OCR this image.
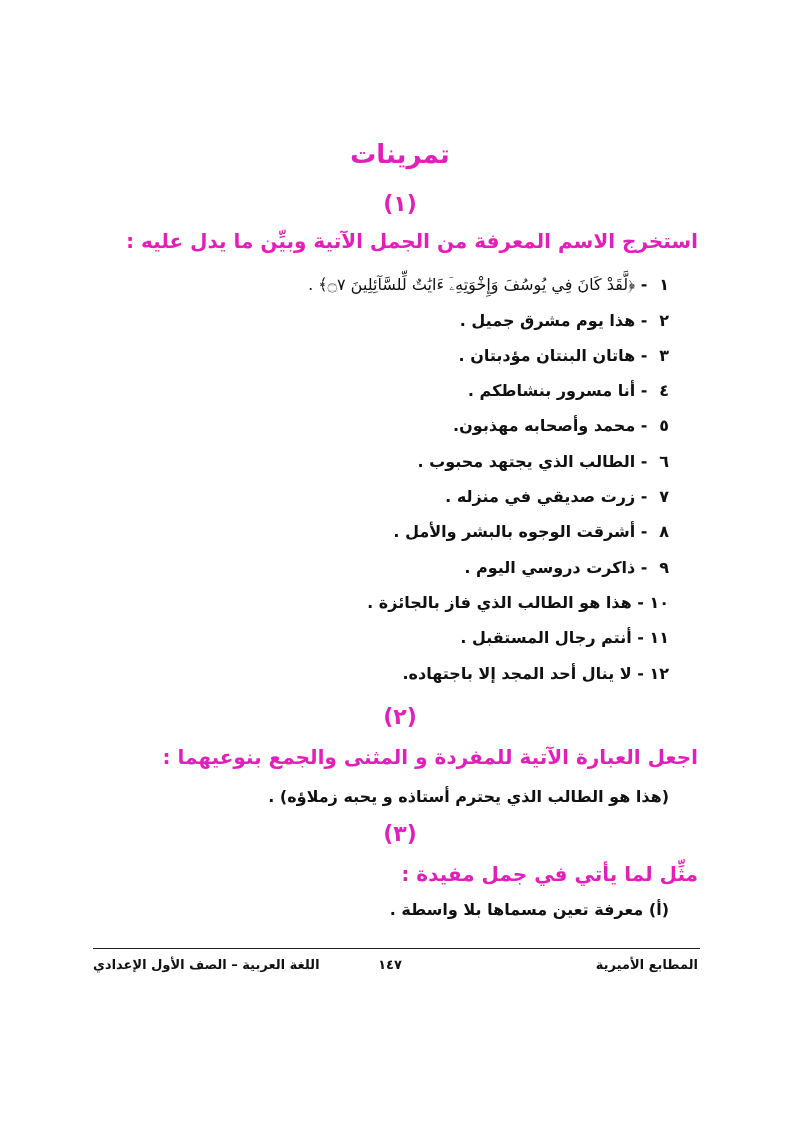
تمرينات
(١)
استخرج الاسم المعرفة من الجمل الآتية وبيِّن ما يدل عليه :
١ - ﴿لَّقَدْ كَانَ فِي يُوسُفَ وَإِخْوَتِهِۦٓ ءَايَٰتٌ لِّلسَّآئِلِينَ ۝٧﴾ .
٢ - هذا يوم مشرق جميل .
٣ - هاتان البنتان مؤدبتان .
٤ - أنا مسرور بنشاطكم .
٥ - محمد وأصحابه مهذبون.
٦ - الطالب الذي يجتهد محبوب .
٧ - زرت صديقي في منزله .
٨ - أشرقت الوجوه بالبشر والأمل .
٩ - ذاكرت دروسي اليوم .
١٠ - هذا هو الطالب الذي فاز بالجائزة .
١١ - أنتم رجال المستقبل .
١٢ - لا ينال أحد المجد إلا باجتهاده.
(٢)
اجعل العبارة الآتية للمفردة و المثنى والجمع بنوعيهما :
(هذا هو الطالب الذي يحترم أستاذه و يحبه زملاؤه) .
(٣)
مثِّل لما يأتي في جمل مفيدة :
(أ) معرفة تعين مسماها بلا واسطة .
المطابع الأميرية
١٤٧
اللغة العربية – الصف الأول الإعدادي
